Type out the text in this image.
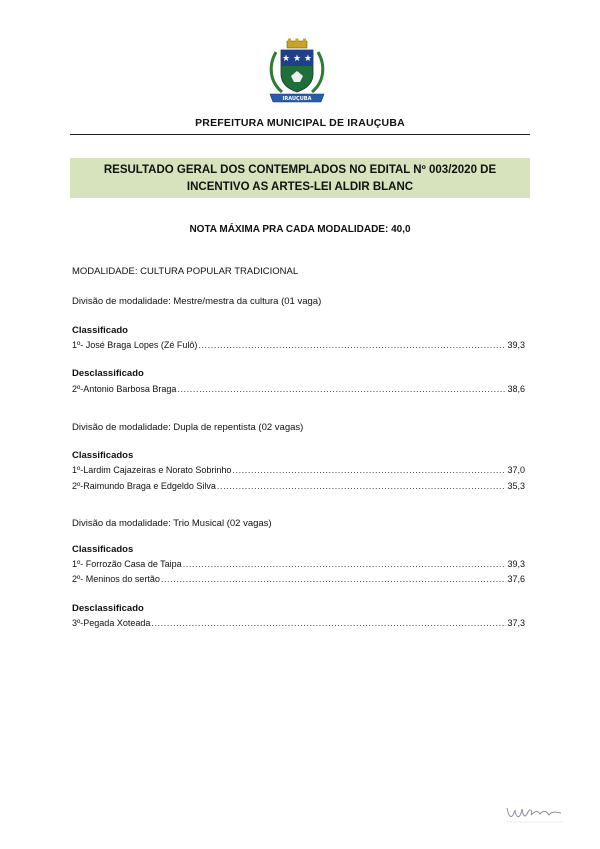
★ ★ ★
IRAUÇUBA
PREFEITURA MUNICIPAL DE IRAUÇUBA
RESULTADO GERAL DOS CONTEMPLADOS NO EDITAL Nº 003/2020 DE
INCENTIVO AS ARTES-LEI ALDIR BLANC
NOTA MÁXIMA PRA CADA MODALIDADE: 40,0
MODALIDADE: CULTURA POPULAR TRADICIONAL
Divisão de modalidade: Mestre/mestra da cultura (01 vaga)
Classificado
1º- José Braga Lopes (Zé Fulô) .....	39,3
Desclassificado
2º-Antonio Barbosa Braga .....	38,6
Divisão de modalidade: Dupla de repentista (02 vagas)
Classificados
1º-Lardim Cajazeiras e Norato Sobrinho .....	37,0
2º-Raimundo Braga e Edgeldo Silva .....	35,3
Divisão da modalidade: Trio Musical (02 vagas)
Classificados
1º- Forrozão Casa de Taipa .....	39,3
2º- Meninos do sertão .....	37,6
Desclassificado
3º-Pegada Xoteada .....	37,3
